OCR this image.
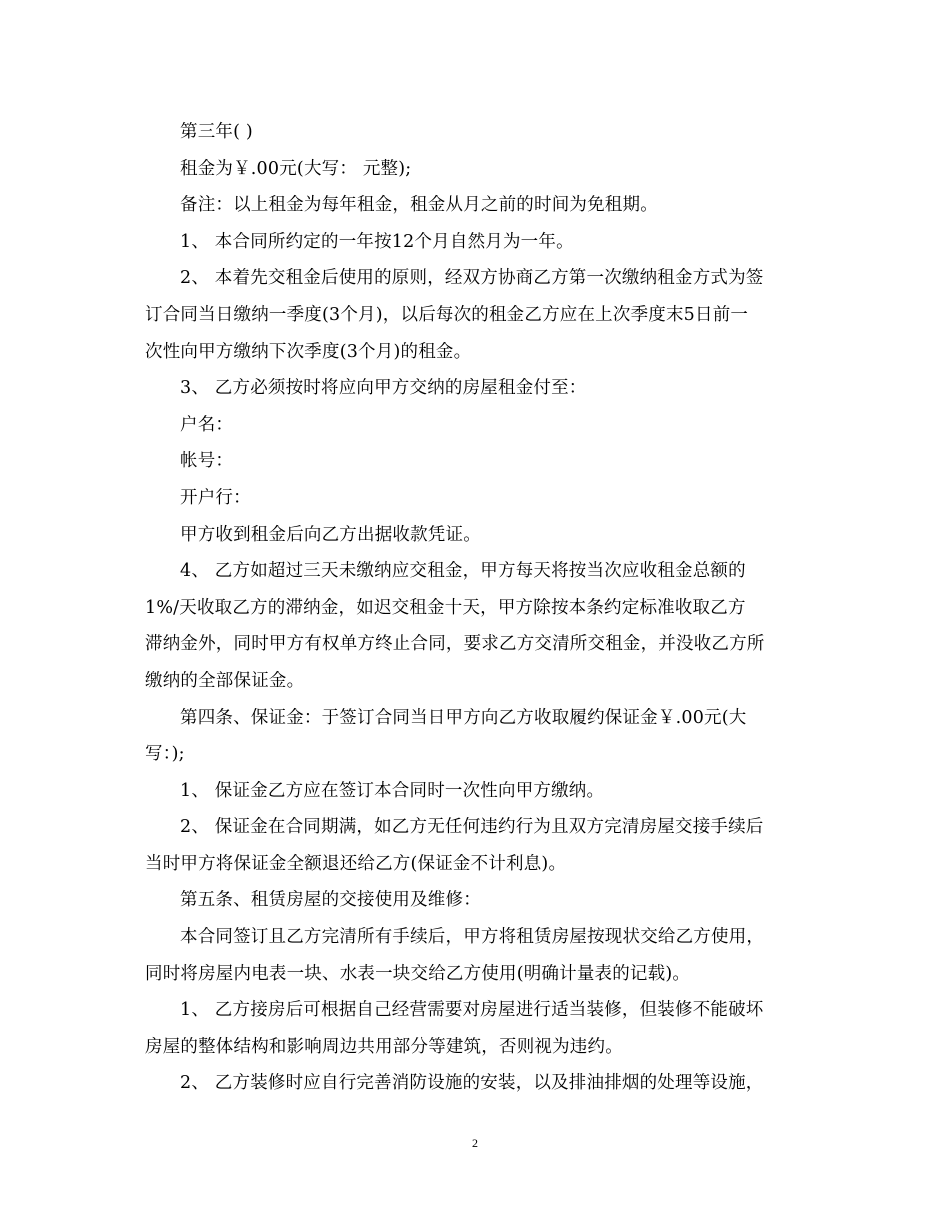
第三年( )
租金为￥.00元(大写： 元整);
备注：以上租金为每年租金，租金从月之前的时间为免租期。
1、 本合同所约定的一年按12个月自然月为一年。
2、 本着先交租金后使用的原则，经双方协商乙方第一次缴纳租金方式为签
订合同当日缴纳一季度(3个月)，以后每次的租金乙方应在上次季度末5日前一
次性向甲方缴纳下次季度(3个月)的租金。
3、 乙方必须按时将应向甲方交纳的房屋租金付至：
户名：
帐号：
开户行：
甲方收到租金后向乙方出据收款凭证。
4、 乙方如超过三天未缴纳应交租金，甲方每天将按当次应收租金总额的
1%/天收取乙方的滞纳金，如迟交租金十天，甲方除按本条约定标准收取乙方
滞纳金外，同时甲方有权单方终止合同，要求乙方交清所交租金，并没收乙方所
缴纳的全部保证金。
第四条、保证金：于签订合同当日甲方向乙方收取履约保证金￥.00元(大
写：);
1、 保证金乙方应在签订本合同时一次性向甲方缴纳。
2、 保证金在合同期满，如乙方无任何违约行为且双方完清房屋交接手续后
当时甲方将保证金全额退还给乙方(保证金不计利息)。
第五条、租赁房屋的交接使用及维修：
本合同签订且乙方完清所有手续后，甲方将租赁房屋按现状交给乙方使用，
同时将房屋内电表一块、水表一块交给乙方使用(明确计量表的记载)。
1、 乙方接房后可根据自己经营需要对房屋进行适当装修，但装修不能破坏
房屋的整体结构和影响周边共用部分等建筑，否则视为违约。
2、 乙方装修时应自行完善消防设施的安装，以及排油排烟的处理等设施，
2
